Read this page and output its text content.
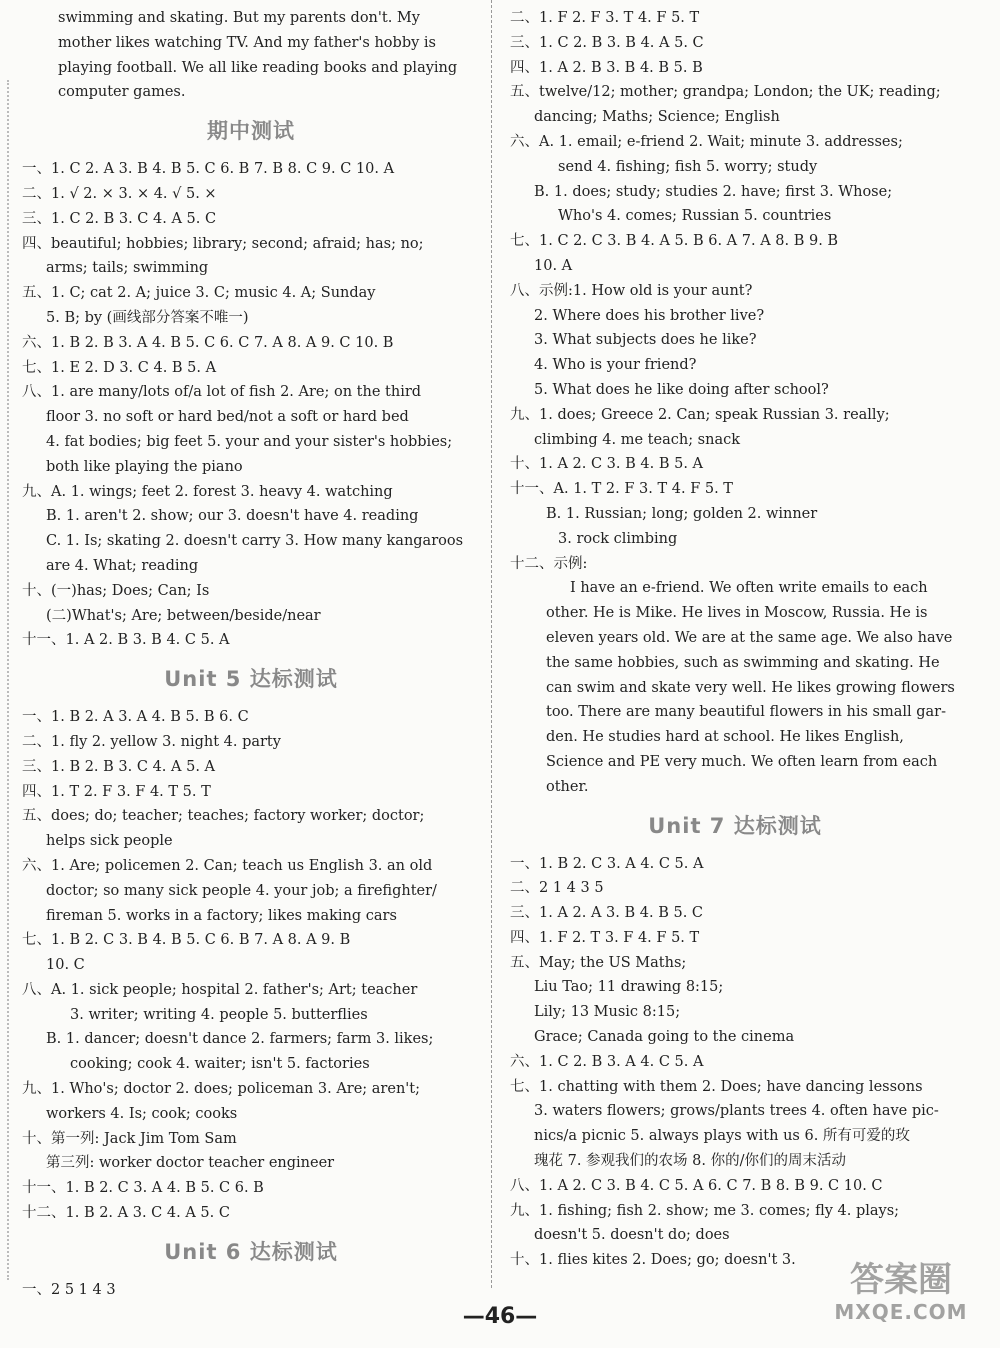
swimming and skating. But my parents don't. My
mother likes watching TV. And my father's hobby is
playing football. We all like reading books and playing
computer games.
期中测试
一、1. C 2. A 3. B 4. B 5. C 6. B 7. B 8. C 9. C 10. A
二、1. √ 2. × 3. × 4. √ 5. ×
三、1. C 2. B 3. C 4. A 5. C
四、beautiful; hobbies; library; second; afraid; has; no;
arms; tails; swimming
五、1. C; cat 2. A; juice 3. C; music 4. A; Sunday
5. B; by (画线部分答案不唯一)
六、1. B 2. B 3. A 4. B 5. C 6. C 7. A 8. A 9. C 10. B
七、1. E 2. D 3. C 4. B 5. A
八、1. are many/lots of/a lot of fish 2. Are; on the third
floor 3. no soft or hard bed/not a soft or hard bed
4. fat bodies; big feet 5. your and your sister's hobbies;
both like playing the piano
九、A. 1. wings; feet 2. forest 3. heavy 4. watching
B. 1. aren't 2. show; our 3. doesn't have 4. reading
C. 1. Is; skating 2. doesn't carry 3. How many kangaroos
are 4. What; reading
十、(一)has; Does; Can; Is
(二)What's; Are; between/beside/near
十一、1. A 2. B 3. B 4. C 5. A
Unit 5 达标测试
一、1. B 2. A 3. A 4. B 5. B 6. C
二、1. fly 2. yellow 3. night 4. party
三、1. B 2. B 3. C 4. A 5. A
四、1. T 2. F 3. F 4. T 5. T
五、does; do; teacher; teaches; factory worker; doctor;
helps sick people
六、1. Are; policemen 2. Can; teach us English 3. an old
doctor; so many sick people 4. your job; a firefighter/
fireman 5. works in a factory; likes making cars
七、1. B 2. C 3. B 4. B 5. C 6. B 7. A 8. A 9. B
10. C
八、A. 1. sick people; hospital 2. father's; Art; teacher
3. writer; writing 4. people 5. butterflies
B. 1. dancer; doesn't dance 2. farmers; farm 3. likes;
cooking; cook 4. waiter; isn't 5. factories
九、1. Who's; doctor 2. does; policeman 3. Are; aren't;
workers 4. Is; cook; cooks
十、第一列: Jack Jim Tom Sam
第三列: worker doctor teacher engineer
十一、1. B 2. C 3. A 4. B 5. C 6. B
十二、1. B 2. A 3. C 4. A 5. C
Unit 6 达标测试
一、2 5 1 4 3
二、1. F 2. F 3. T 4. F 5. T
三、1. C 2. B 3. B 4. A 5. C
四、1. A 2. B 3. B 4. B 5. B
五、twelve/12; mother; grandpa; London; the UK; reading;
dancing; Maths; Science; English
六、A. 1. email; e-friend 2. Wait; minute 3. addresses;
send 4. fishing; fish 5. worry; study
B. 1. does; study; studies 2. have; first 3. Whose;
Who's 4. comes; Russian 5. countries
七、1. C 2. C 3. B 4. A 5. B 6. A 7. A 8. B 9. B
10. A
八、示例:1. How old is your aunt?
2. Where does his brother live?
3. What subjects does he like?
4. Who is your friend?
5. What does he like doing after school?
九、1. does; Greece 2. Can; speak Russian 3. really;
climbing 4. me teach; snack
十、1. A 2. C 3. B 4. B 5. A
十一、A. 1. T 2. F 3. T 4. F 5. T
B. 1. Russian; long; golden 2. winner
3. rock climbing
十二、示例:
I have an e-friend. We often write emails to each
other. He is Mike. He lives in Moscow, Russia. He is
eleven years old. We are at the same age. We also have
the same hobbies, such as swimming and skating. He
can swim and skate very well. He likes growing flowers
too. There are many beautiful flowers in his small gar-
den. He studies hard at school. He likes English,
Science and PE very much. We often learn from each
other.
Unit 7 达标测试
一、1. B 2. C 3. A 4. C 5. A
二、2 1 4 3 5
三、1. A 2. A 3. B 4. B 5. C
四、1. F 2. T 3. F 4. F 5. T
五、May; the US Maths;
Liu Tao; 11 drawing 8:15;
Lily; 13 Music 8:15;
Grace; Canada going to the cinema
六、1. C 2. B 3. A 4. C 5. A
七、1. chatting with them 2. Does; have dancing lessons
3. waters flowers; grows/plants trees 4. often have pic-
nics/a picnic 5. always plays with us 6. 所有可爱的玫
瑰花 7. 参观我们的农场 8. 你的/你们的周末活动
八、1. A 2. C 3. B 4. C 5. A 6. C 7. B 8. B 9. C 10. C
九、1. fishing; fish 2. show; me 3. comes; fly 4. plays;
doesn't 5. doesn't do; does
十、1. flies kites 2. Does; go; doesn't 3.
—46—
答案圈
MXQE.COM
